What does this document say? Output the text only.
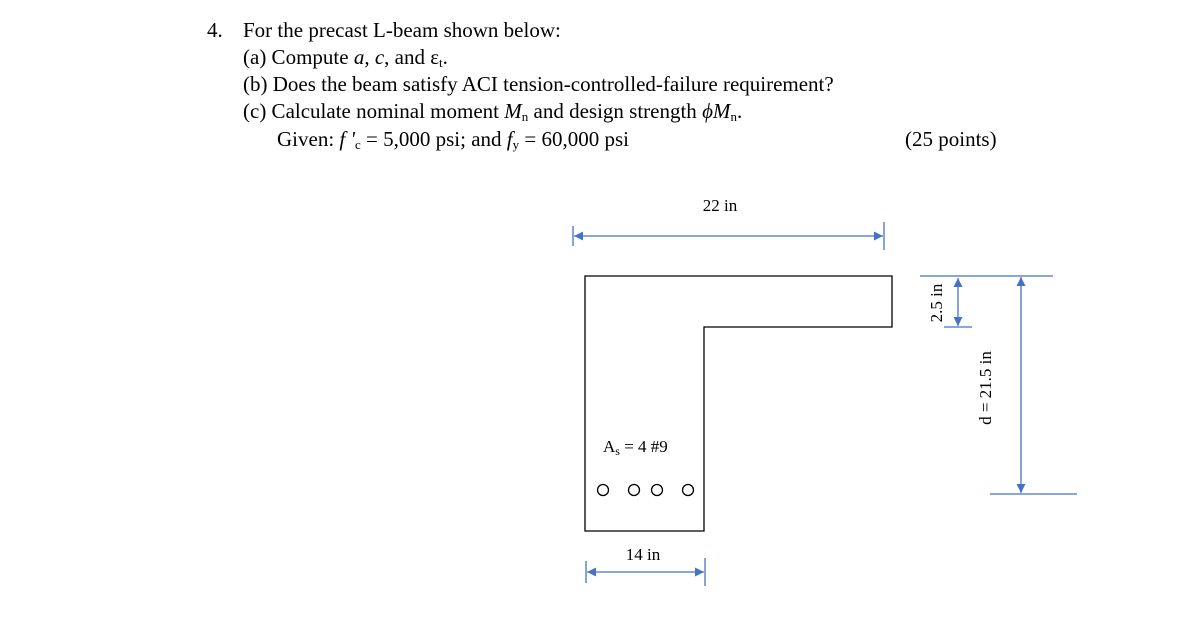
4. For the precast L-beam shown below:
(a) Compute a, c, and $\varepsilon_t$.
(b) Does the beam satisfy ACI tension-controlled-failure requirement?
(c) Calculate nominal moment $M_n$ and design strength $\phi M_n$.
Given: f '$_c = 5,000$ psi; and $f_y = 60,000$ psi	(25 points)
22 in
14 in
2.5 in
d = 21.5 in
As = 4 #9
